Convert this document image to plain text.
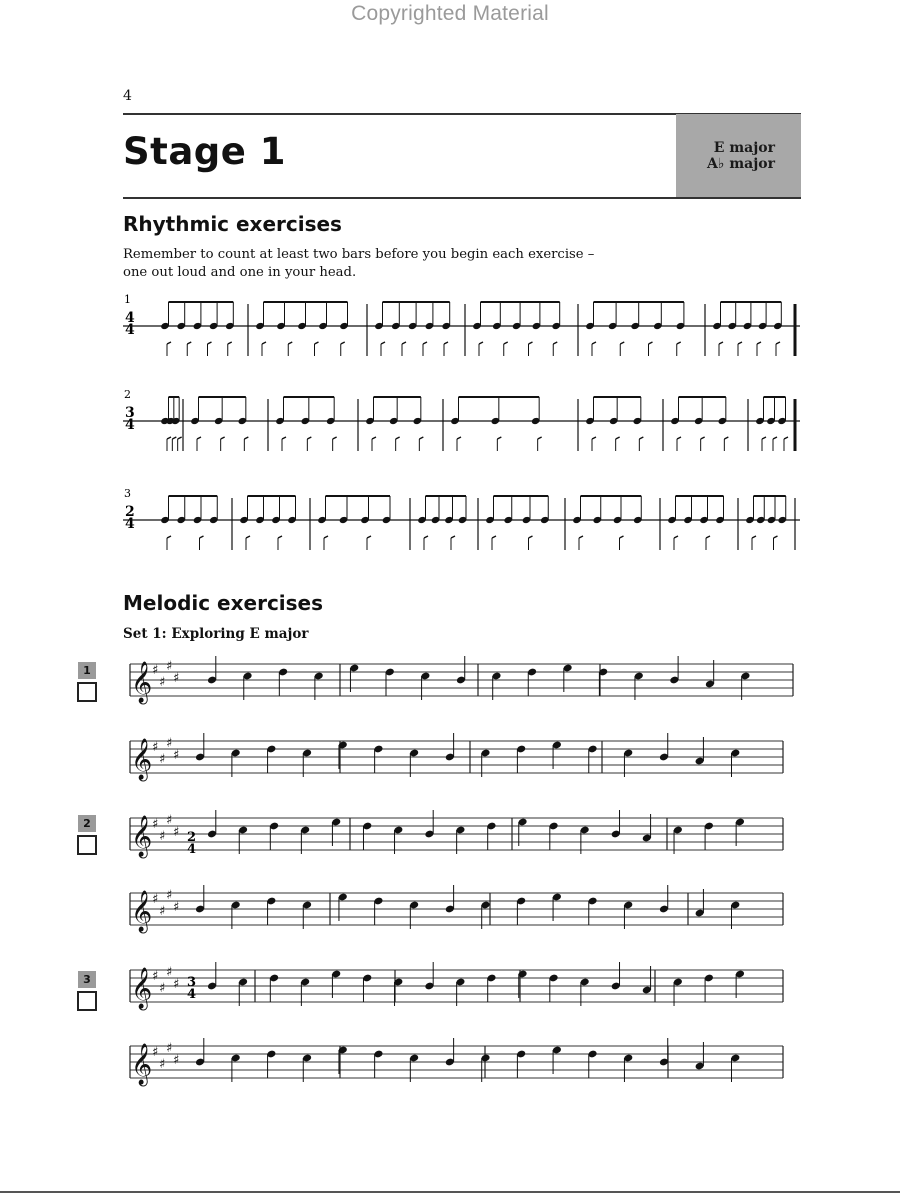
Copyrighted Material
4
Stage 1	E major
A♭ major
Rhythmic exercises
Remember to count at least two bars before you begin each exercise –
one out loud and one in your head.
1
2
3
4
4
3
4
2
4
𝄞 ♯
♯
♯
♯
𝄞 ♯
♯
♯
♯
𝄞 ♯
♯
♯
♯
𝄞 ♯
♯
♯
♯
𝄞 ♯
♯
♯
♯
𝄞 ♯
♯
♯
♯
2
4
3
4
Melodic exercises
Set 1: Exploring E major
1
2
3
